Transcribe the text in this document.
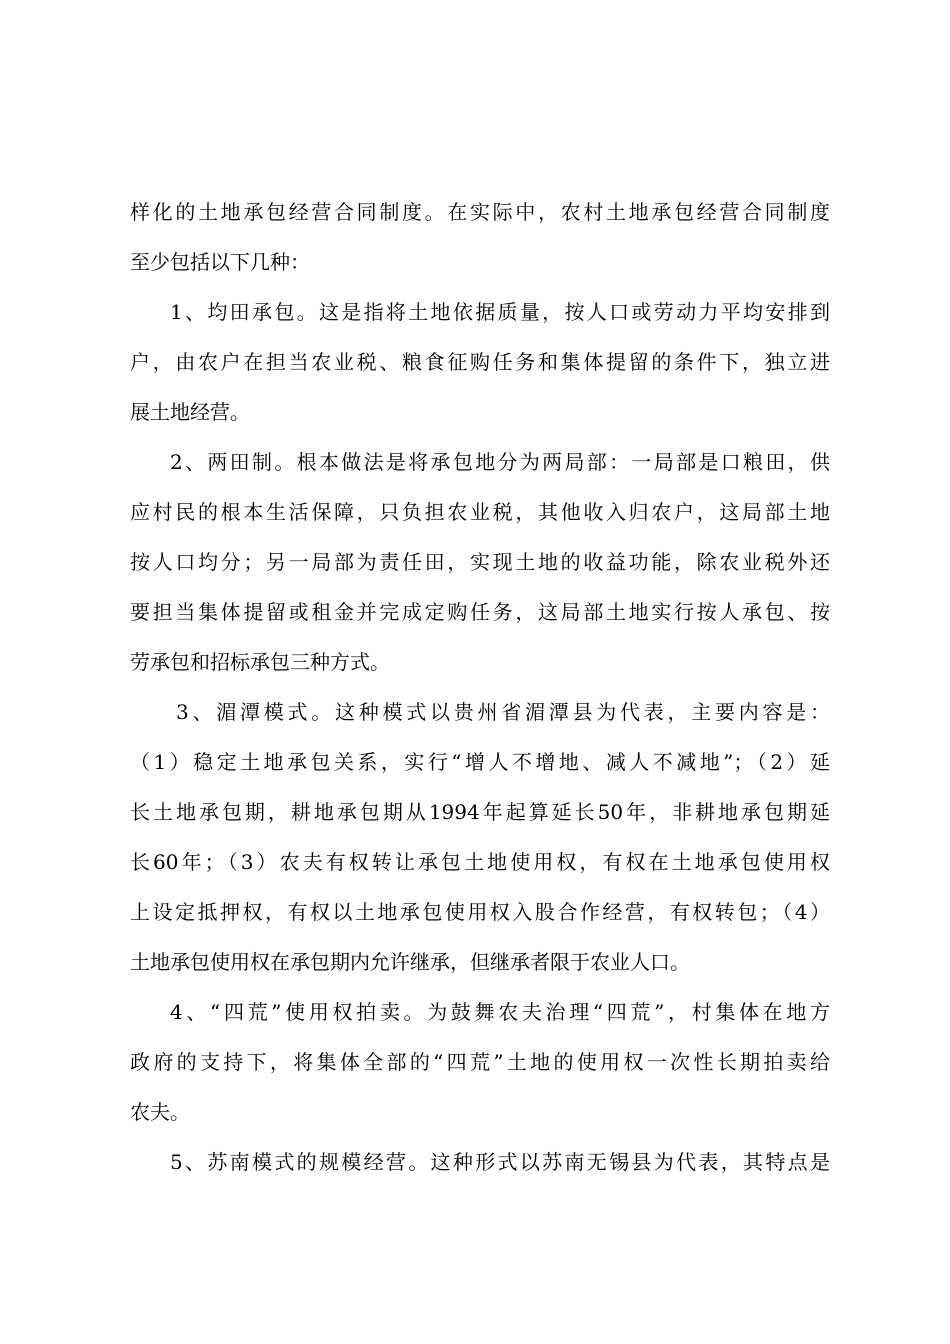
样化的土地承包经营合同制度。在实际中，农村土地承包经营合同制度
至少包括以下几种：
1、均田承包。这是指将土地依据质量，按人口或劳动力平均安排到
户，由农户在担当农业税、粮食征购任务和集体提留的条件下，独立进
展土地经营。
2、两田制。根本做法是将承包地分为两局部：一局部是口粮田，供
应村民的根本生活保障，只负担农业税，其他收入归农户，这局部土地
按人口均分；另一局部为责任田，实现土地的收益功能，除农业税外还
要担当集体提留或租金并完成定购任务，这局部土地实行按人承包、按
劳承包和招标承包三种方式。
3、湄潭模式。这种模式以贵州省湄潭县为代表，主要内容是：
（1）稳定土地承包关系，实行“增人不增地、减人不减地”；（2）延
长土地承包期，耕地承包期从1994年起算延长50年，非耕地承包期延
长60年；（3）农夫有权转让承包土地使用权，有权在土地承包使用权
上设定抵押权，有权以土地承包使用权入股合作经营，有权转包；（4）
土地承包使用权在承包期内允许继承，但继承者限于农业人口。
4、“四荒”使用权拍卖。为鼓舞农夫治理“四荒”，村集体在地方
政府的支持下，将集体全部的“四荒”土地的使用权一次性长期拍卖给
农夫。
5、苏南模式的规模经营。这种形式以苏南无锡县为代表，其特点是
